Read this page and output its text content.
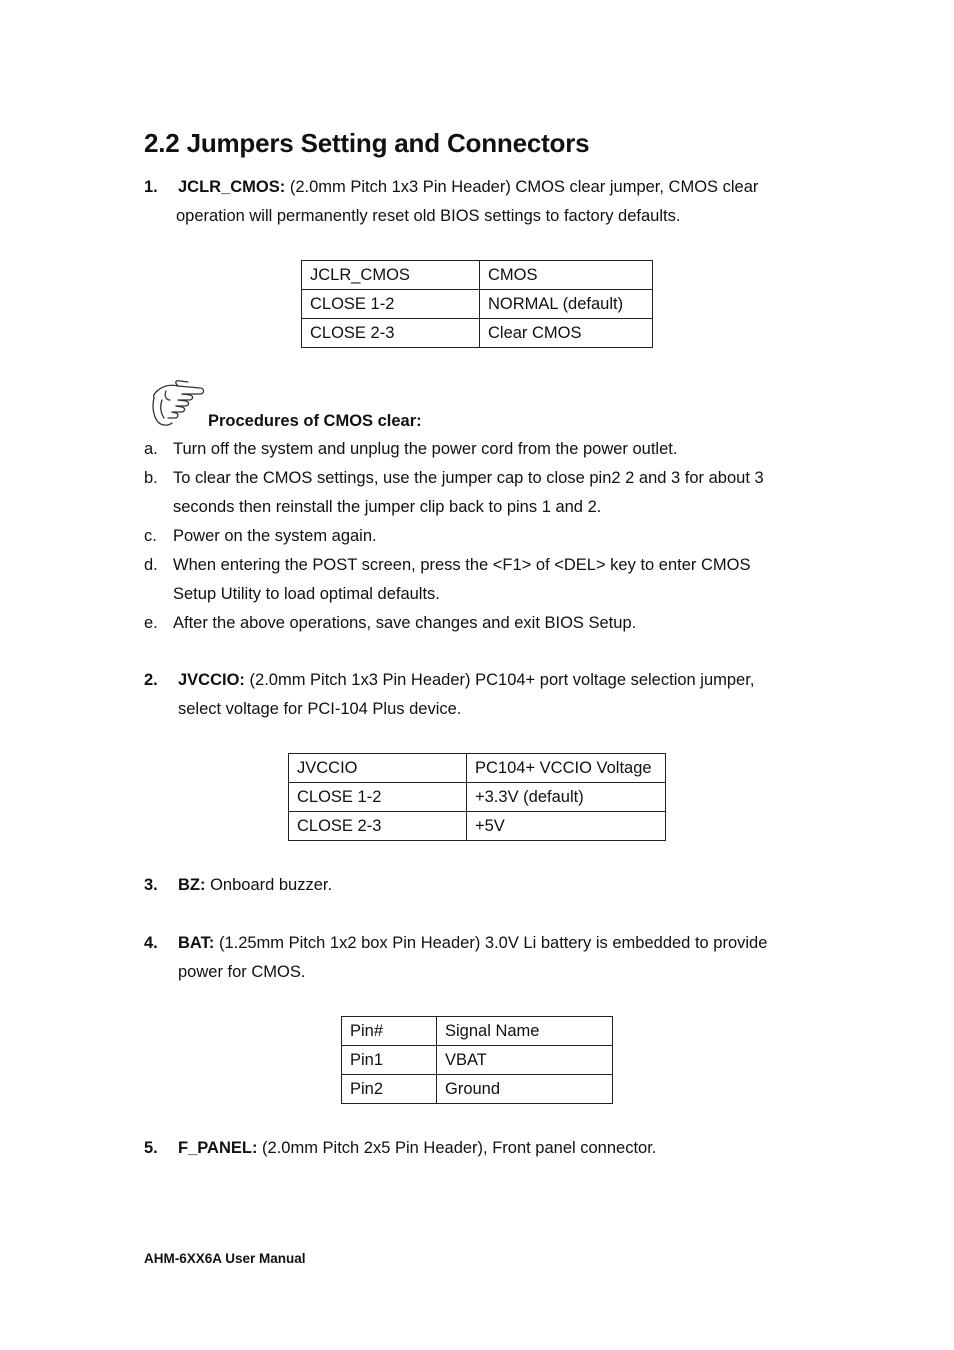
2.2 Jumpers Setting and Connectors
1. JCLR_CMOS: (2.0mm Pitch 1x3 Pin Header) CMOS clear jumper, CMOS clear
operation will permanently reset old BIOS settings to factory defaults.
JCLR_CMOS	CMOS
CLOSE 1-2	NORMAL (default)
CLOSE 2-3	Clear CMOS
Procedures of CMOS clear:
a. Turn off the system and unplug the power cord from the power outlet.
b. To clear the CMOS settings, use the jumper cap to close pin2 2 and 3 for about 3
seconds then reinstall the jumper clip back to pins 1 and 2.
c. Power on the system again.
d. When entering the POST screen, press the <F1> of <DEL> key to enter CMOS
Setup Utility to load optimal defaults.
e. After the above operations, save changes and exit BIOS Setup.
2. JVCCIO: (2.0mm Pitch 1x3 Pin Header) PC104+ port voltage selection jumper,
select voltage for PCI-104 Plus device.
JVCCIO	PC104+ VCCIO Voltage
CLOSE 1-2	+3.3V (default)
CLOSE 2-3	+5V
3. BZ: Onboard buzzer.
4. BAT: (1.25mm Pitch 1x2 box Pin Header) 3.0V Li battery is embedded to provide
power for CMOS.
Pin#	Signal Name
Pin1	VBAT
Pin2	Ground
5. F_PANEL: (2.0mm Pitch 2x5 Pin Header), Front panel connector.
AHM-6XX6A User Manual
